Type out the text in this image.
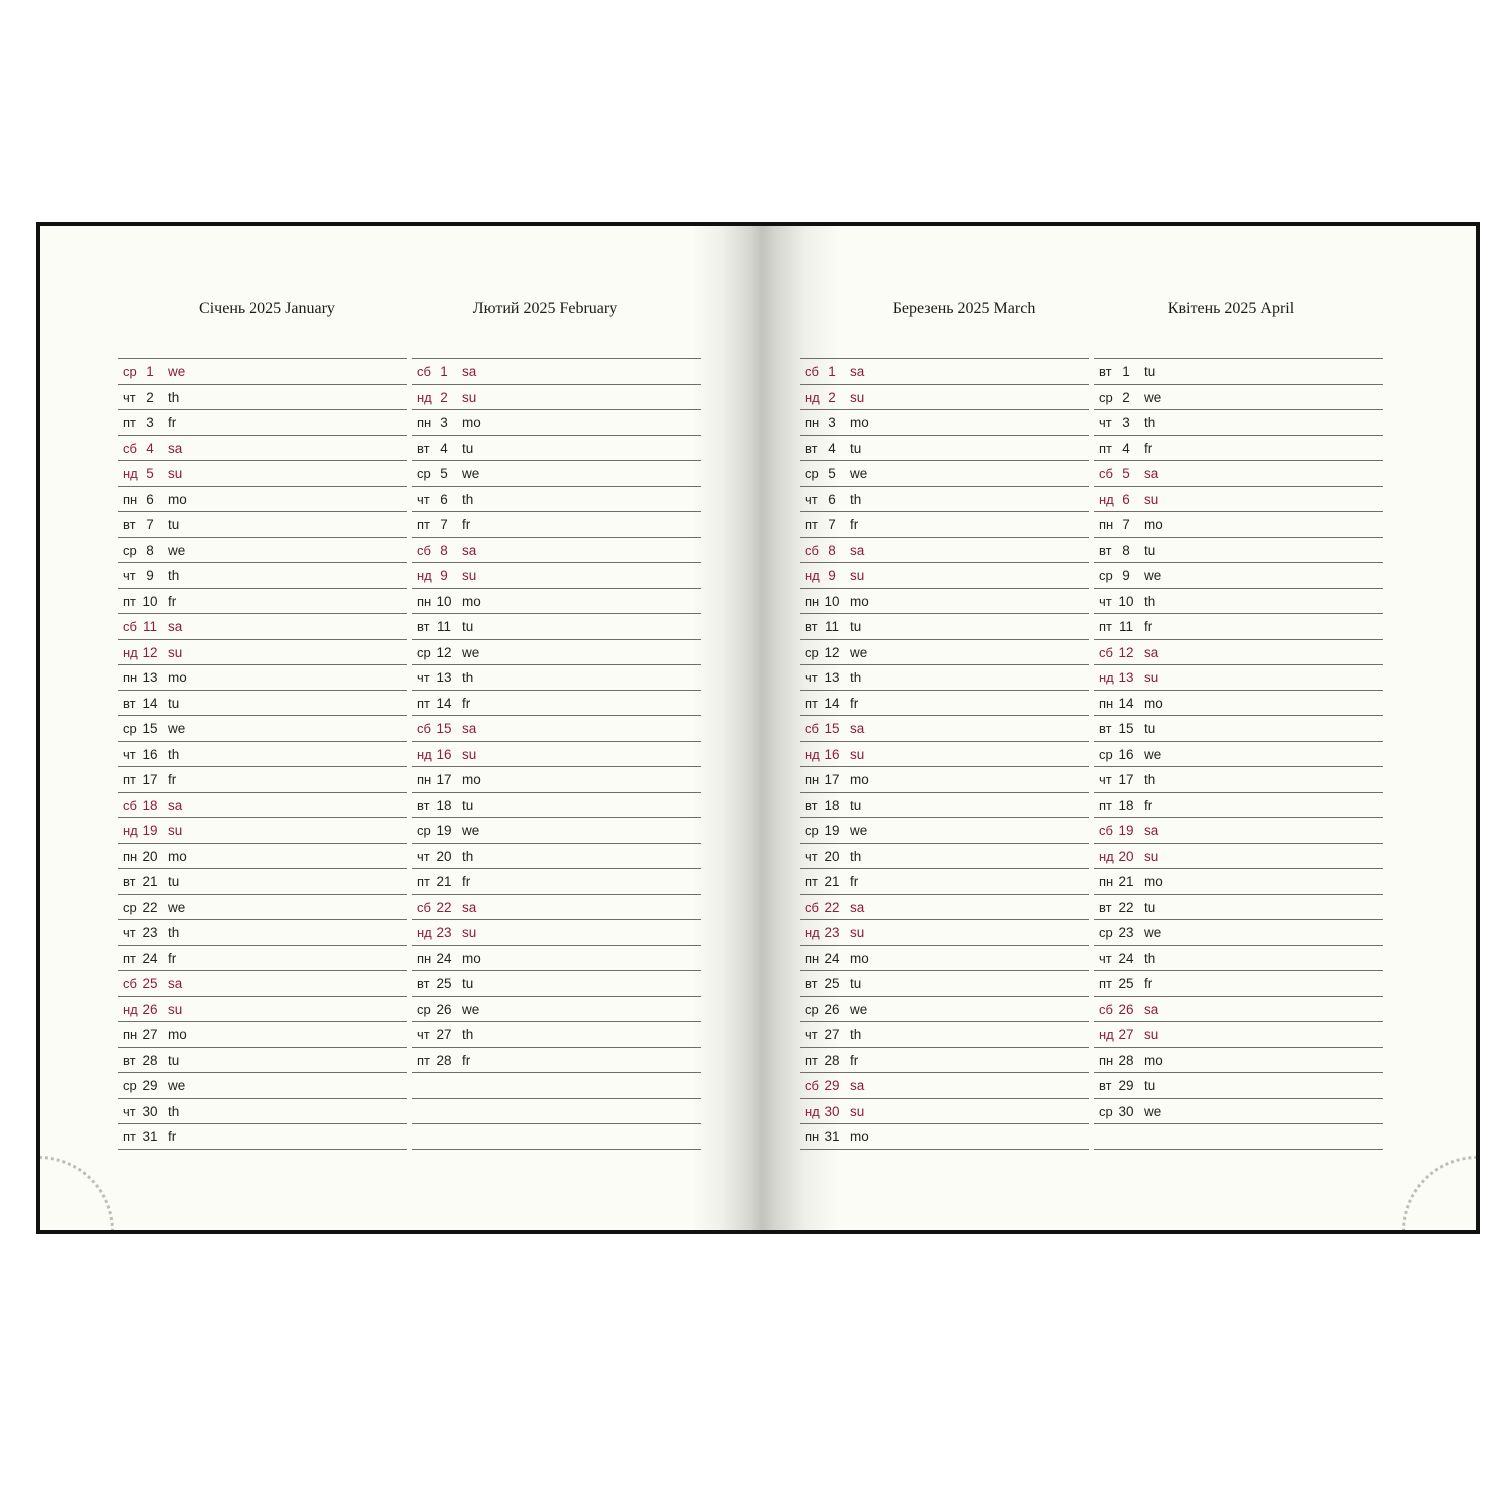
Січень 2025 January	Лютий 2025 February	Березень 2025 March	Квітень 2025 April
ср 1	we
чт 2	th
пт 3	fr
сб 4	sa
нд 5	su
пн 6	mo
вт 7	tu
ср 8	we
чт 9	th
пт 10 fr
сб 11 sa
нд 12 su
пн 13 mo
вт 14 tu
ср 15 we
чт 16 th
пт 17 fr
сб 18 sa
нд 19 su
пн 20 mo
вт 21 tu
ср 22 we
чт 23 th
пт 24 fr
сб 25 sa
нд 26 su
пн 27 mo
вт 28 tu
ср 29 we
чт 30 th
пт 31 fr
сб 1	sa
нд 2	su
пн 3	mo
вт 4	tu
ср 5	we
чт 6	th
пт 7	fr
сб 8	sa
нд 9	su
пн 10 mo
вт 11 tu
ср 12 we
чт 13 th
пт 14 fr
сб 15 sa
нд 16 su
пн 17 mo
вт 18 tu
ср 19 we
чт 20 th
пт 21 fr
сб 22 sa
нд 23 su
пн 24 mo
вт 25 tu
ср 26 we
чт 27 th
пт 28 fr
сб 1	sa
нд 2	su
пн 3	mo
вт 4	tu
ср 5	we
чт 6	th
пт 7	fr
сб 8	sa
нд 9	su
пн 10 mo
вт 11 tu
ср 12 we
чт 13 th
пт 14 fr
сб 15 sa
нд 16 su
пн 17 mo
вт 18 tu
ср 19 we
чт 20 th
пт 21 fr
сб 22 sa
нд 23 su
пн 24 mo
вт 25 tu
ср 26 we
чт 27 th
пт 28 fr
сб 29 sa
нд 30 su
пн 31 mo
вт 1	tu
ср 2	we
чт 3	th
пт 4	fr
сб 5	sa
нд 6	su
пн 7	mo
вт 8	tu
ср 9	we
чт 10 th
пт 11 fr
сб 12 sa
нд 13 su
пн 14 mo
вт 15 tu
ср 16 we
чт 17 th
пт 18 fr
сб 19 sa
нд 20 su
пн 21 mo
вт 22 tu
ср 23 we
чт 24 th
пт 25 fr
сб 26 sa
нд 27 su
пн 28 mo
вт 29 tu
ср 30 we
